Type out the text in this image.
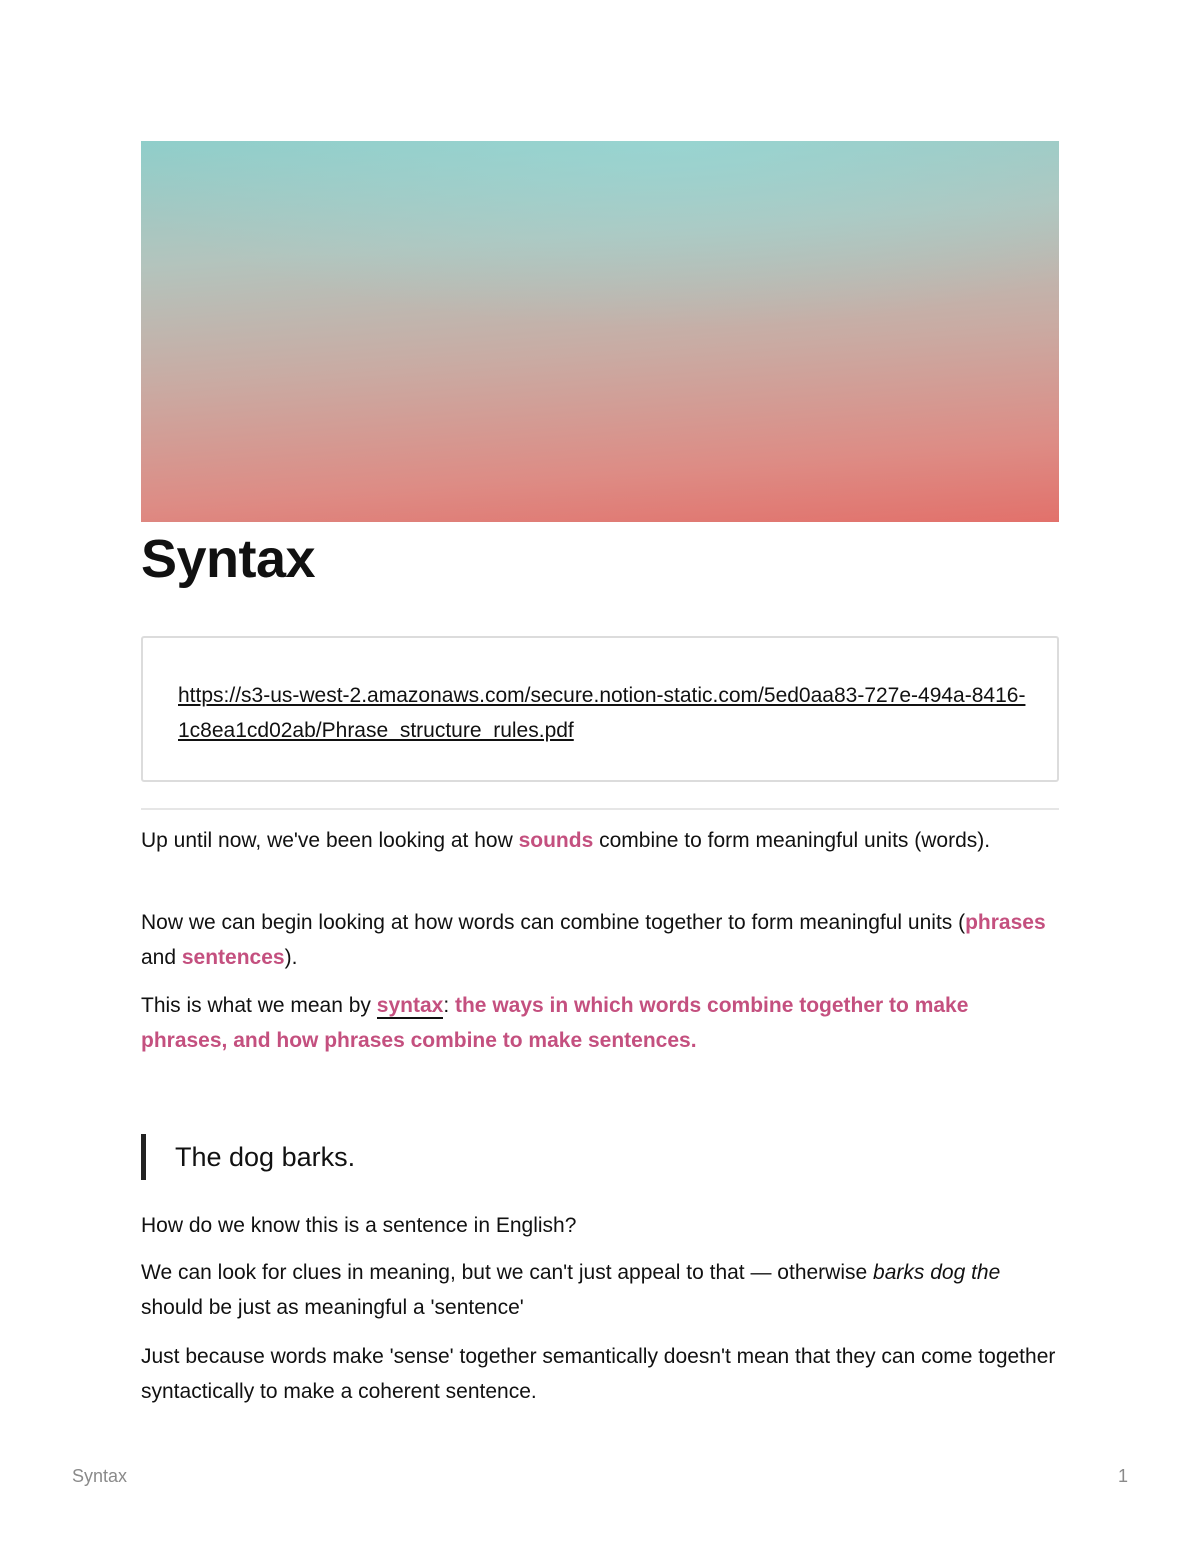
Syntax
https://s3-us-west-2.amazonaws.com/secure.notion-static.com/5ed0aa83-727e-494a-8416-1c8ea1cd02ab/Phrase_structure_rules.pdf

Up until now, we've been looking at how sounds combine to form meaningful units (words).

Now we can begin looking at how words can combine together to form meaningful units (phrases and sentences).

This is what we mean by syntax: the ways in which words combine together to make phrases, and how phrases combine to make sentences.

The dog barks.

How do we know this is a sentence in English?

We can look for clues in meaning, but we can't just appeal to that — otherwise barks dog the should be just as meaningful a 'sentence'

Just because words make 'sense' together semantically doesn't mean that they can come together syntactically to make a coherent sentence.

Syntax	1
